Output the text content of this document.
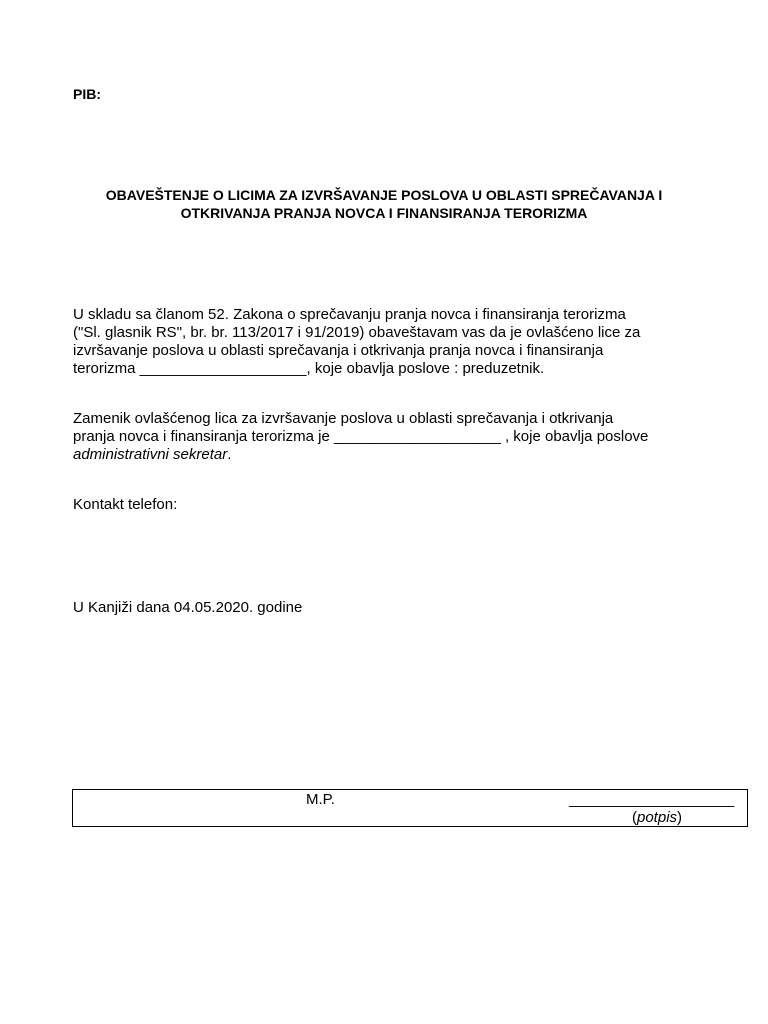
PIB:
OBAVEŠTENJE O LICIMA ZA IZVRŠAVANJE POSLOVA U OBLASTI SPREČAVANJA I
OTKRIVANJA PRANJA NOVCA I FINANSIRANJA TERORIZMA
U skladu sa članom 52. Zakona o sprečavanju pranja novca i finansiranja terorizma
("Sl. glasnik RS", br. br. 113/2017 i 91/2019) obaveštavam vas da je ovlašćeno lice za
izvršavanje poslova u oblasti sprečavanja i otkrivanja pranja novca i finansiranja
terorizma ____________________, koje obavlja poslove : preduzetnik.
Zamenik ovlašćenog lica za izvršavanje poslova u oblasti sprečavanja i otkrivanja
pranja novca i finansiranja terorizma je ____________________ , koje obavlja poslove
administrativni sekretar.
Kontakt telefon:
U Kanjiži dana 04.05.2020. godine
M.P.	_____________________
(potpis)
